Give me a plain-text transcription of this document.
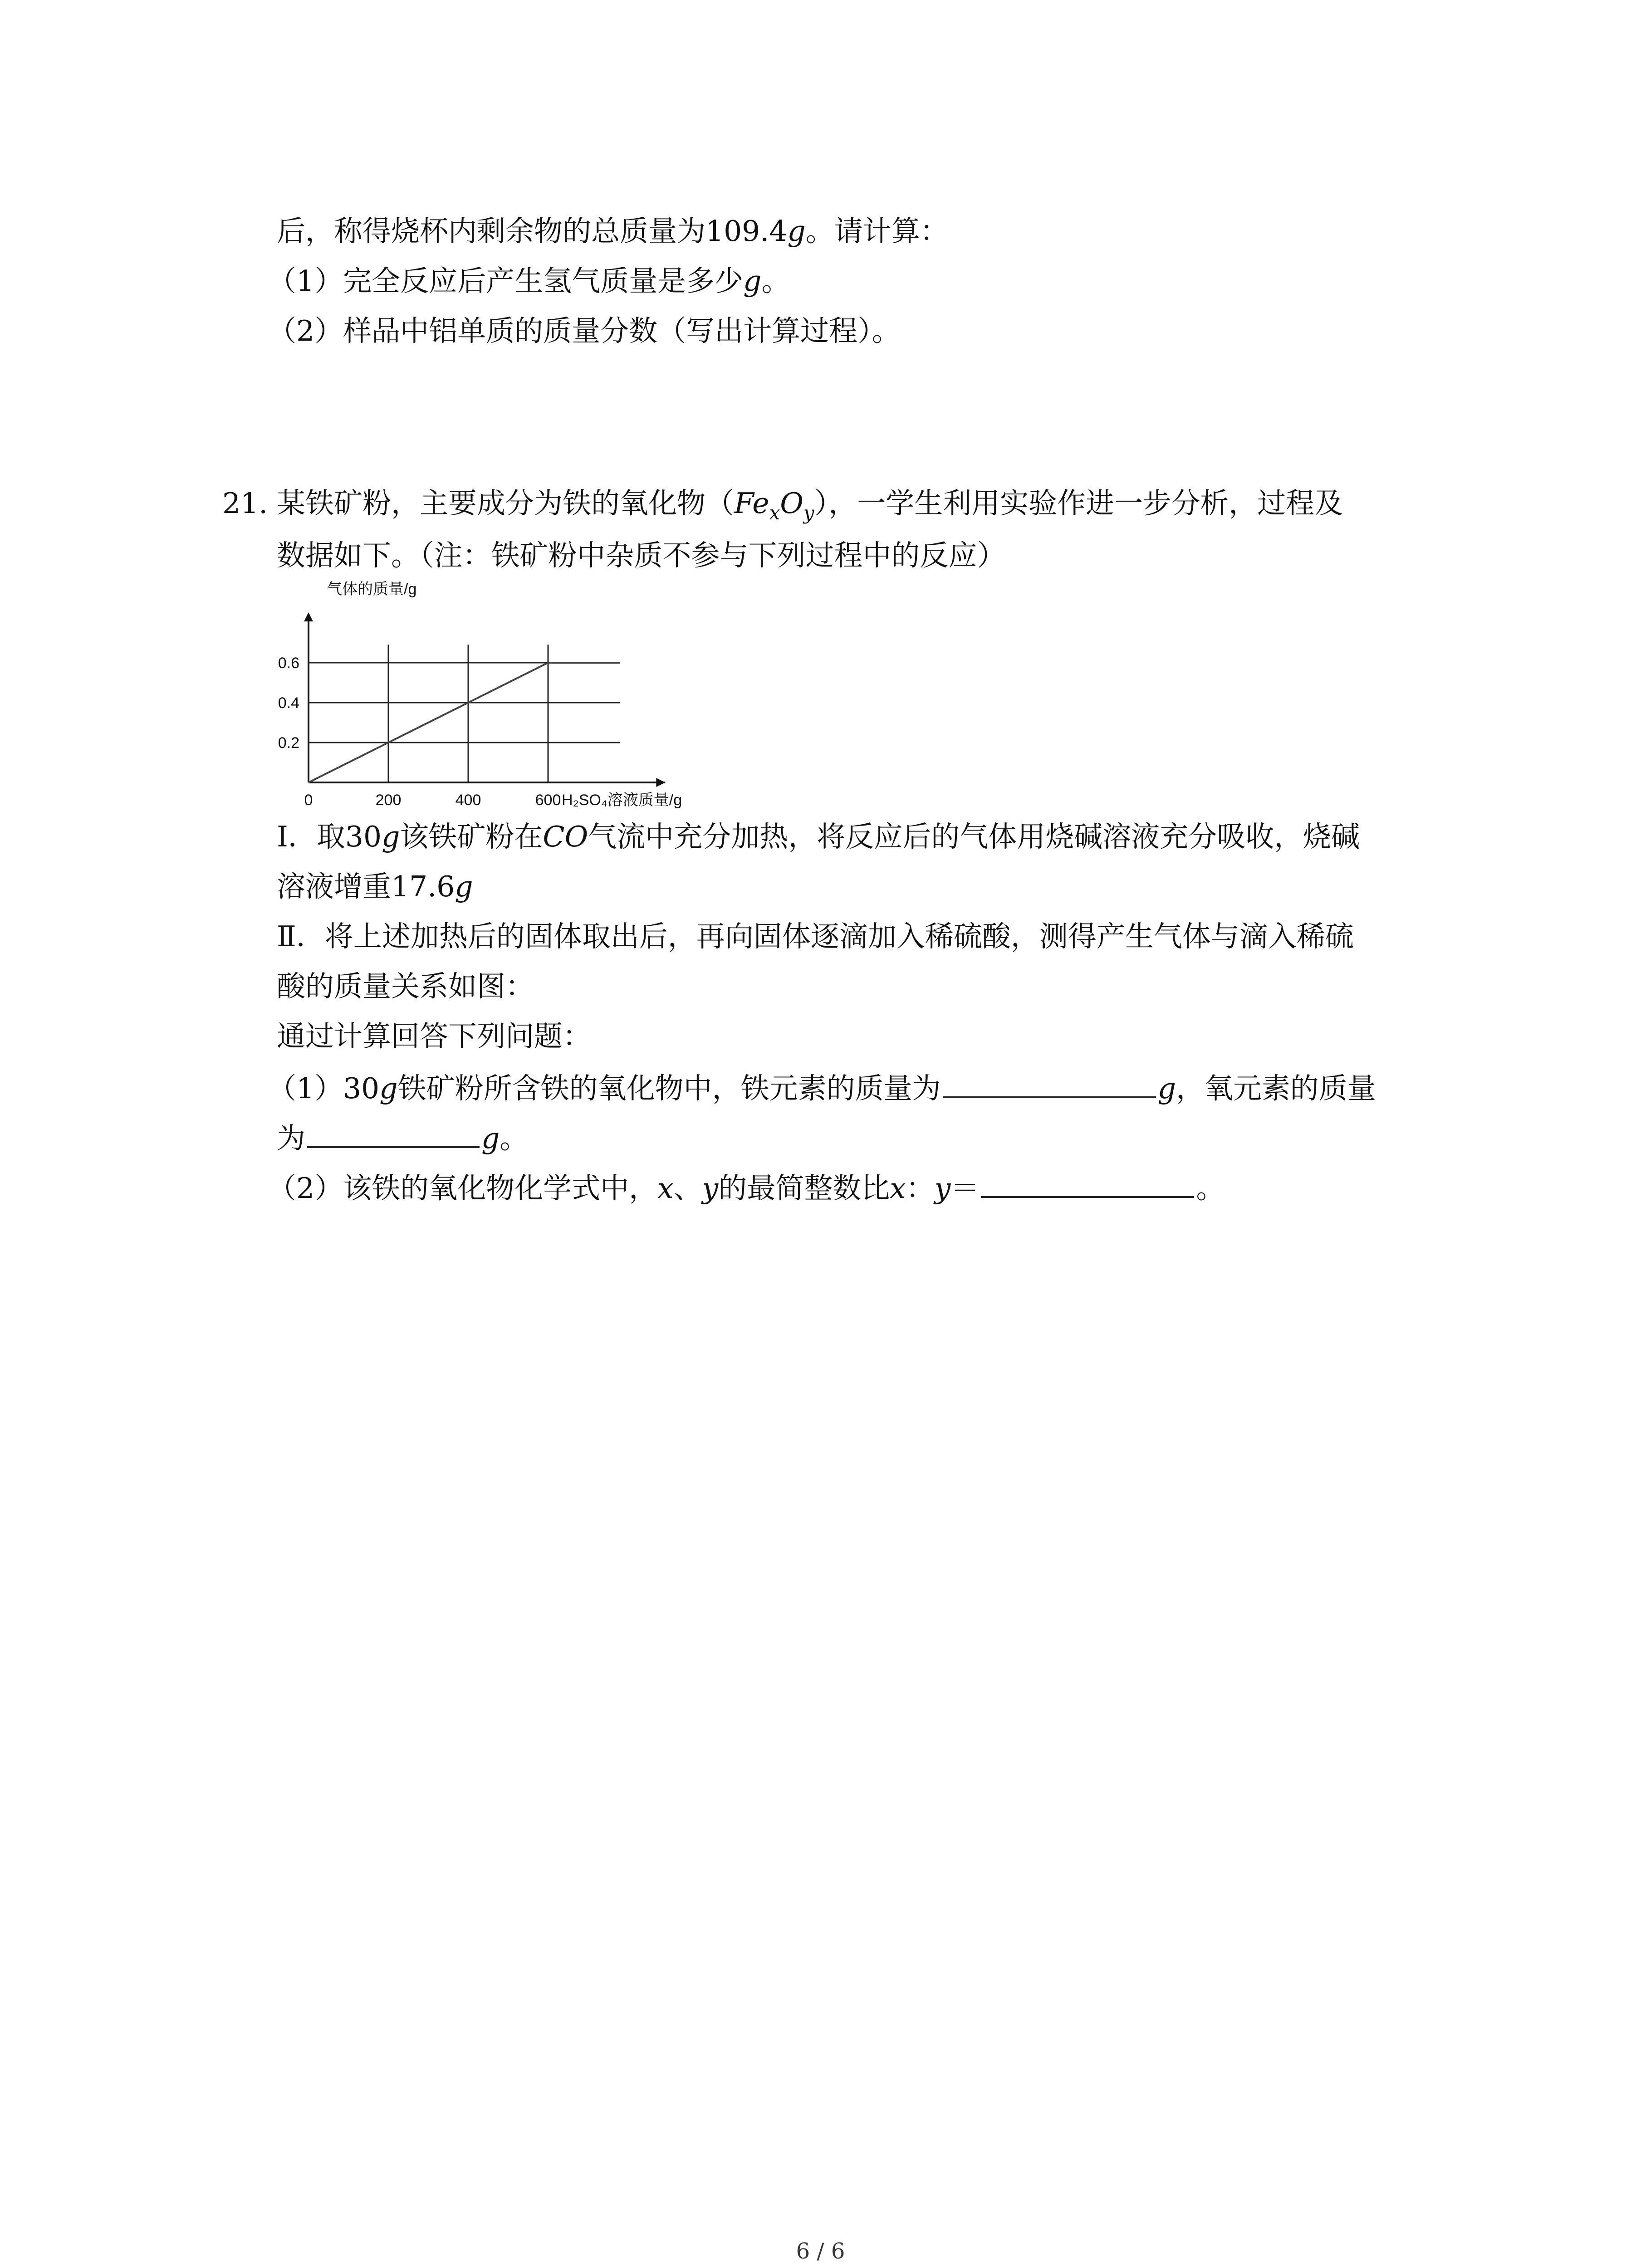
后，称得烧杯内剩余物的总质量为109.4g。请计算：
（1）完全反应后产生氢气质量是多少g。
（2）样品中铝单质的质量分数（写出计算过程）。
21. 某铁矿粉，主要成分为铁的氧化物$(Fe_xO_y)$，一学生利用实验作进一步分析，过程及
数据如下。（注：铁矿粉中杂质不参与下列过程中的反应）
0	200	400	600
0.2
0.4
0.6
气体的质量/g
H₂SO₄溶液质量/g
Ⅰ．取30g该铁矿粉在CO气流中充分加热，将反应后的气体用烧碱溶液充分吸收，烧碱
溶液增重17.6g
Ⅱ．将上述加热后的固体取出后，再向固体逐滴加入稀硫酸，测得产生气体与滴入稀硫
酸的质量关系如图：
通过计算回答下列问题：
（1）30g铁矿粉所含铁的氧化物中，铁元素的质量为	g，氧元素的质量
为	g。
（2）该铁的氧化物化学式中，x、y的最简整数比x：y＝	。
6 / 6
